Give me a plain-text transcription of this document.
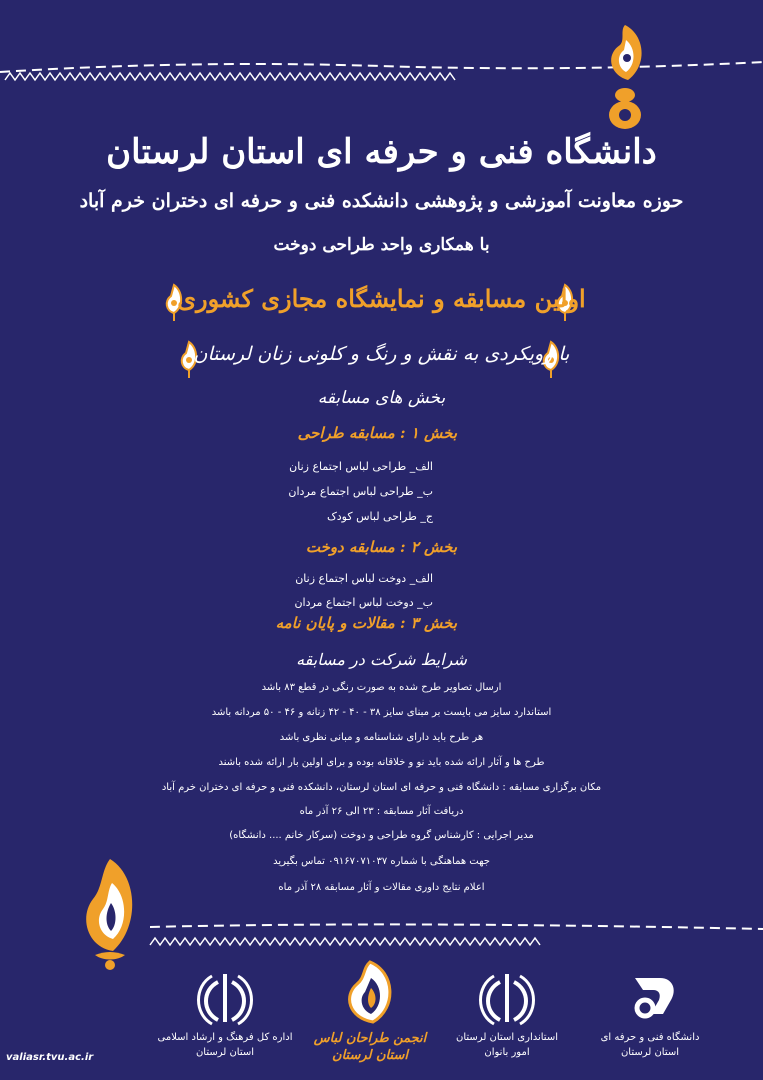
دانشگاه فنی و حرفه ای استان لرستان
حوزه معاونت آموزشی و پژوهشی دانشکده فنی و حرفه ای دختران خرم آباد
با همکاری واحد طراحی دوخت
اولین مسابقه و نمایشگاه مجازی کشوری
با رویکردی به نقش و رنگ و کلونی زنان لرستان
بخش های مسابقه
بخش ۱ : مسابقه طراحی
الف_ طراحی لباس اجتماع زنان
ب_ طراحی لباس اجتماع مردان
ج_ طراحی لباس کودک
بخش ۲ : مسابقه دوخت
الف_ دوخت لباس اجتماع زنان
ب_ دوخت لباس اجتماع مردان
بخش ۳ : مقالات و پایان نامه
شرایط شرکت در مسابقه
ارسال تصاویر طرح شده به صورت رنگی در قطع ۸۳ باشد
استاندارد سایز می بایست بر مبنای سایز ۳۸ - ۴۰ - ۴۲ زنانه و ۴۶ - ۵۰ مردانه باشد
هر طرح باید دارای شناسنامه و مبانی نظری باشد
طرح ها و آثار ارائه شده باید نو و خلاقانه بوده و برای اولین بار ارائه شده باشند
مکان برگزاری مسابقه : دانشگاه فنی و حرفه ای استان لرستان، دانشکده فنی و حرفه ای دختران خرم آباد
دریافت آثار مسابقه : ۲۳ الی ۲۶ آذر ماه
مدیر اجرایی : کارشناس گروه طراحی و دوخت (سرکار خانم .... دانشگاه)
جهت هماهنگی با شماره ۰۹۱۶۷۰۷۱۰۳۷ تماس بگیرید
اعلام نتایج داوری مقالات و آثار مسابقه ۲۸ آذر ماه
دانشگاه فنی و حرفه ای
استان لرستان
استانداری استان لرستان
امور بانوان
انجمن طراحان لباس
استان لرستان
اداره کل فرهنگ و ارشاد اسلامی
استان لرستان
valiasr.tvu.ac.ir
